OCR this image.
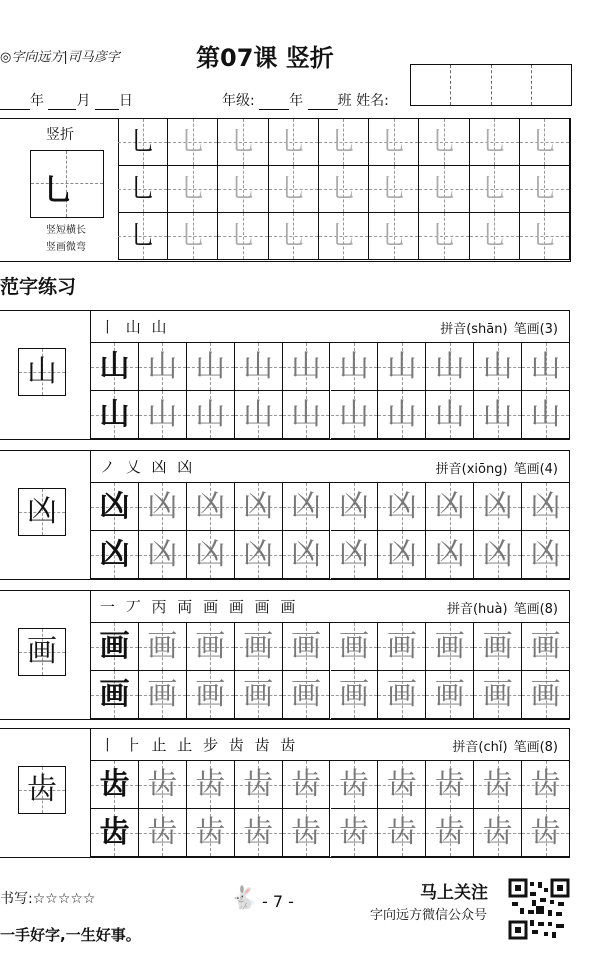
◎字向远方|司马彦字	第07课 竖折
年 月 日	年级: 年 班 姓名:
竖折
乚
竖短横长
竖画微弯
乚 乚 乚 乚 乚 乚 乚 乚 乚
乚 乚 乚 乚 乚 乚 乚 乚 乚
乚 乚 乚 乚 乚 乚 乚 乚 乚
范字练习
山
丨 山 山	拼音(shān) 笔画(3)
山 山 山 山 山 山 山 山 山 山
山 山 山 山 山 山 山 山 山 山
凶
ノ 乂 凶 凶	拼音(xiōng) 笔画(4)
凶 凶 凶 凶 凶 凶 凶 凶 凶 凶
凶 凶 凶 凶 凶 凶 凶 凶 凶 凶
画
一 丆 丙 両 画 画 画 画	拼音(huà) 笔画(8)
画 画 画 画 画 画 画 画 画 画
画 画 画 画 画 画 画 画 画 画
齿
丨 ⺊ 止 止 步 齿 齿 齿	拼音(chǐ) 笔画(8)
齿 齿 齿 齿 齿 齿 齿 齿 齿 齿
齿 齿 齿 齿 齿 齿 齿 齿 齿 齿
书写:☆☆☆☆☆
一手好字,一生好事。
🐇 - 7 -	马上关注
字向远方微信公众号
